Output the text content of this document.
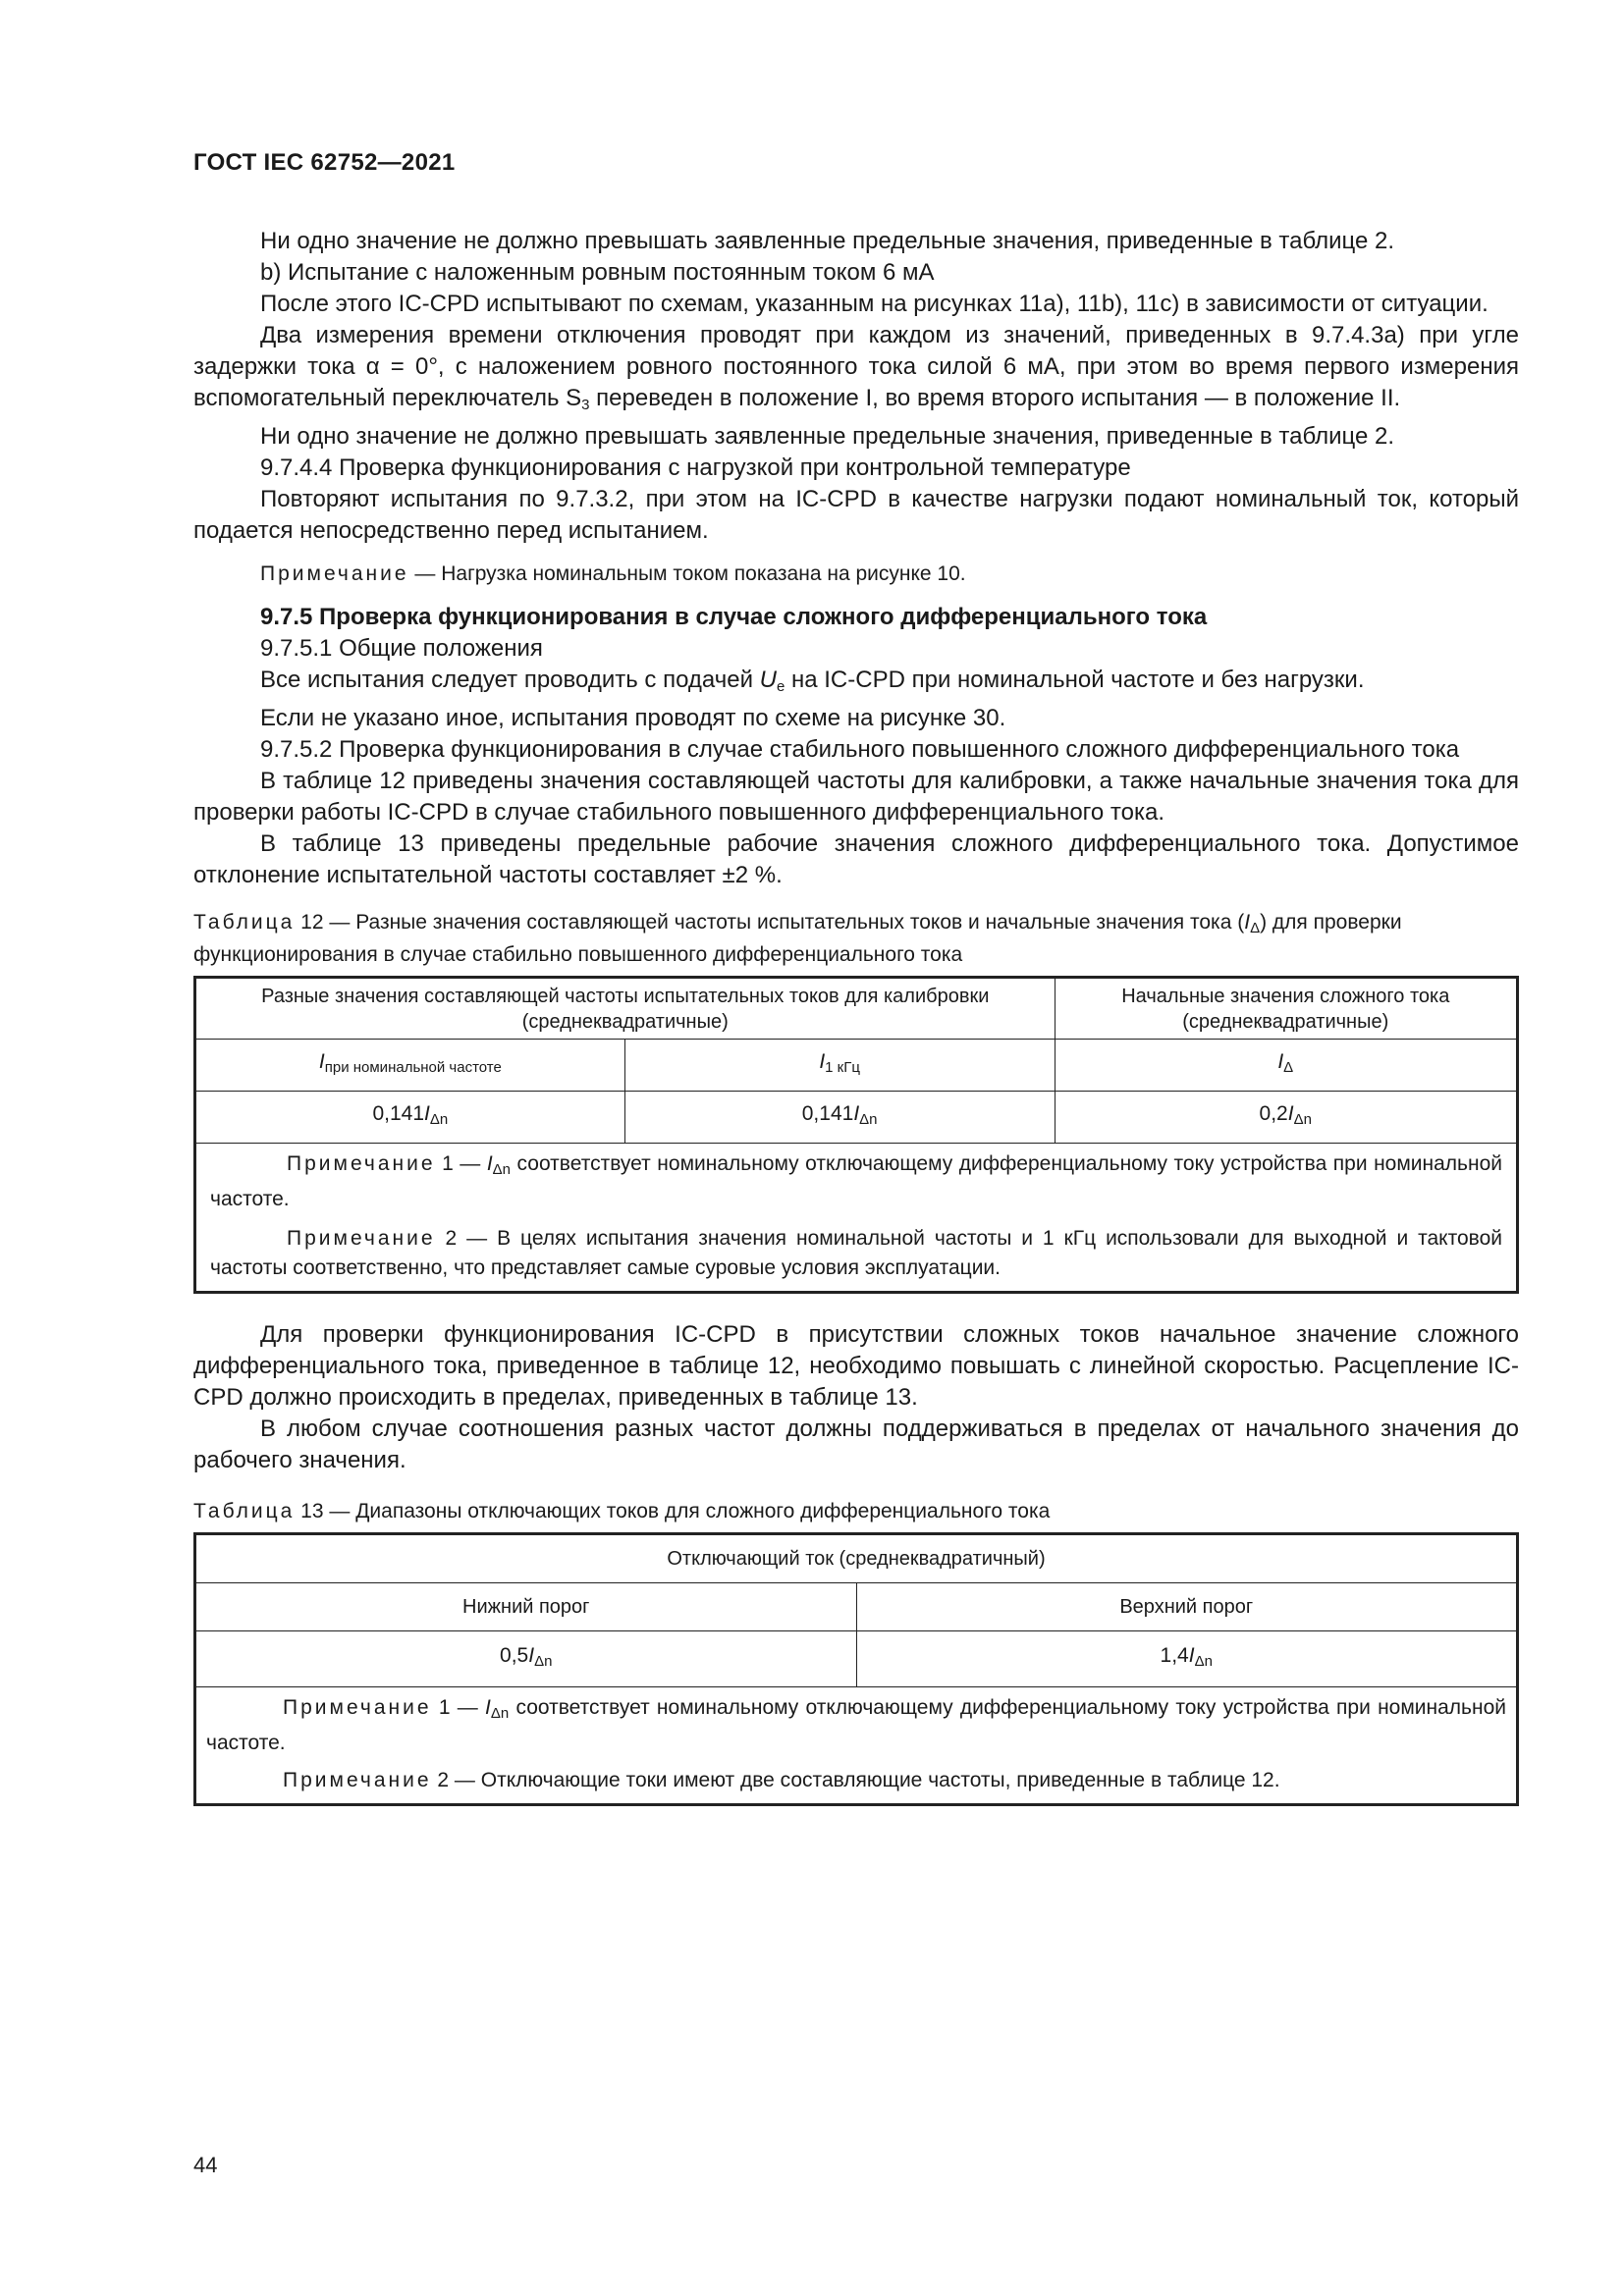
ГОСТ IEC 62752—2021

Ни одно значение не должно превышать заявленные предельные значения, приведенные в таблице 2.

b) Испытание с наложенным ровным постоянным током 6 мА

После этого IC-CPD испытывают по схемам, указанным на рисунках 11a), 11b), 11c) в зависимости от ситуации.

Два измерения времени отключения проводят при каждом из значений, приведенных в 9.7.4.3а) при угле задержки тока α = 0°, с наложением ровного постоянного тока силой 6 мА, при этом во время первого измерения вспомогательный переключатель $S_3$ переведен в положение I, во время второго испытания — в положение II.

Ни одно значение не должно превышать заявленные предельные значения, приведенные в таблице 2.

9.7.4.4 Проверка функционирования с нагрузкой при контрольной температуре

Повторяют испытания по 9.7.3.2, при этом на IC-CPD в качестве нагрузки подают номинальный ток, который подается непосредственно перед испытанием.

Примечание — Нагрузка номинальным током показана на рисунке 10.

9.7.5 Проверка функционирования в случае сложного дифференциального тока

9.7.5.1 Общие положения

Все испытания следует проводить с подачей $U_e$ на IC-CPD при номинальной частоте и без нагрузки.

Если не указано иное, испытания проводят по схеме на рисунке 30.

9.7.5.2 Проверка функционирования в случае стабильного повышенного сложного дифференциального тока

В таблице 12 приведены значения составляющей частоты для калибровки, а также начальные значения тока для проверки работы IC-CPD в случае стабильного повышенного дифференциального тока.

В таблице 13 приведены предельные рабочие значения сложного дифференциального тока. Допустимое отклонение испытательной частоты составляет ±2 %.

Таблица 12 — Разные значения составляющей частоты испытательных токов и начальные значения тока $(I_\Delta)$ для проверки функционирования в случае стабильно повышенного дифференциального тока

Разные значения составляющей частоты испытательных токов для калибровки (среднеквадратичные)		Начальные значения сложного тока (среднеквадратичные)
$I_{при номинальной частоте}$	$I_{1 кГц}$	$I_\Delta$
$0,141I_{\Delta n}$	$0,141I_{\Delta n}$	$0,2I_{\Delta n}$

Примечание 1 — $I_{\Delta n}$ соответствует номинальному отключающему дифференциальному току устройства при номинальной частоте.

Примечание 2 — В целях испытания значения номинальной частоты и 1 кГц использовали для выходной и тактовой частоты соответственно, что представляет самые суровые условия эксплуатации.		

Для проверки функционирования IC-CPD в присутствии сложных токов начальное значение сложного дифференциального тока, приведенное в таблице 12, необходимо повышать с линейной скоростью. Расцепление IC-CPD должно происходить в пределах, приведенных в таблице 13.

В любом случае соотношения разных частот должны поддерживаться в пределах от начального значения до рабочего значения.

Таблица 13 — Диапазоны отключающих токов для сложного дифференциального тока

Отключающий ток (среднеквадратичный)	
Нижний порог	Верхний порог
$0,5I_{\Delta n}$	$1,4I_{\Delta n}$

Примечание 1 — $I_{\Delta n}$ соответствует номинальному отключающему дифференциальному току устройства при номинальной частоте.

Примечание 2 — Отключающие токи имеют две составляющие частоты, приведенные в таблице 12.	

44
